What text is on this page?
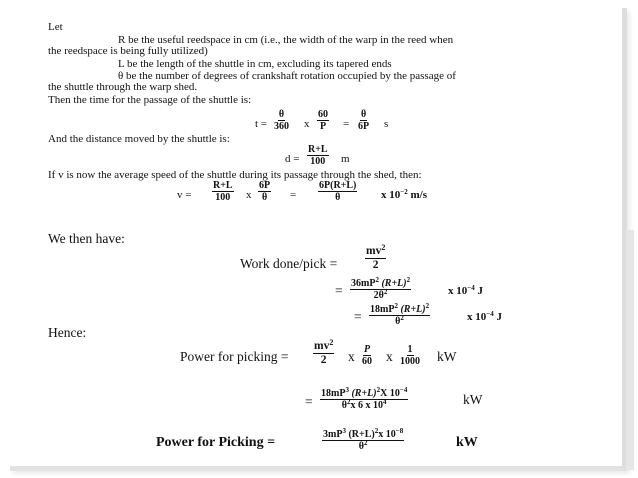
Let
R be the useful reedspace in cm (i.e., the width of the warp in the reed when
the reedspace is being fully utilized)
L be the length of the shuttle in cm, excluding its tapered ends
θ be the number of degrees of crankshaft rotation occupied by the passage of
the shuttle through the warp shed.
Then the time for the passage of the shuttle is:
$t = \frac{\theta}{360}$ x $\frac{60}{P} = \frac{\theta}{6P}$ s
And the distance moved by the shuttle is:
$d = \frac{R+L}{100}$ m
If v is now the average speed of the shuttle during its passage through the shed, then:
$v = \frac{R+L}{100}$ x $\frac{6P}{\theta} = \frac{6P(R+L)}{\theta}$ x $10^{-2}$ m/s
We then have:
Work done/pick = $\frac{mv^2}{2}$
= $\frac{36mP^2 (R+L)^2}{2\theta^2}$	x $10^{-4}$ J
= $\frac{18mP^2 (R+L)^2}{\theta^2}$	x $10^{-4}$ J
Hence:
Power for picking = $\frac{mv^2}{2}$ x $\frac{P}{60}$ x $\frac{1}{1000}$ kW
= $\frac{18mP^3 (R+L)^2X 10^{-4}}{\theta^2x 6 x 10^4}$	kW
Power for Picking =	$\frac{3mP^3 (R+L)^2x 10^{-8}}{\theta^2}$	kW
